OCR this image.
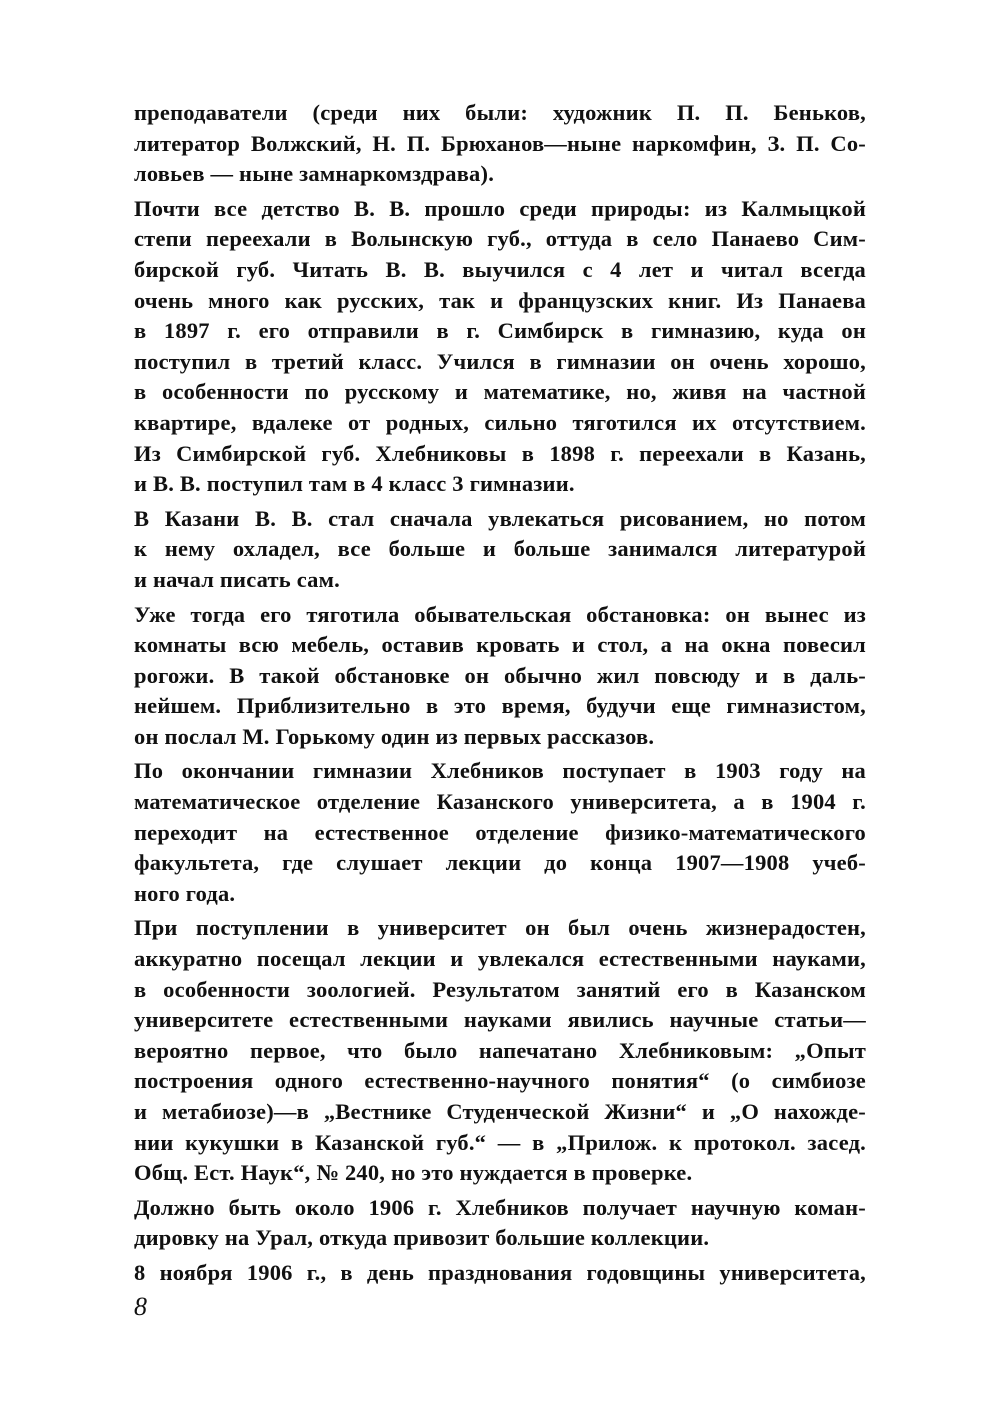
преподаватели (среди них были: художник П. П. Беньков,
литератор Волжский, Н. П. Брюханов—ныне наркомфин, З. П. Со-
ловьев — ныне замнаркомздрава).
Почти все детство В. В. прошло среди природы: из Калмыцкой
степи переехали в Волынскую губ., оттуда в село Панаево Сим-
бирской губ. Читать В. В. выучился с 4 лет и читал всегда
очень много как русских, так и французских книг. Из Панаева
в 1897 г. его отправили в г. Симбирск в гимназию, куда он
поступил в третий класс. Учился в гимназии он очень хорошо,
в особенности по русскому и математике, но, живя на частной
квартире, вдалеке от родных, сильно тяготился их отсутствием.
Из Симбирской губ. Хлебниковы в 1898 г. переехали в Казань,
и В. В. поступил там в 4 класс 3 гимназии.
В Казани В. В. стал сначала увлекаться рисованием, но потом
к нему охладел, все больше и больше занимался литературой
и начал писать сам.
Уже тогда его тяготила обывательская обстановка: он вынес из
комнаты всю мебель, оставив кровать и стол, а на окна повесил
рогожи. В такой обстановке он обычно жил повсюду и в даль-
нейшем. Приблизительно в это время, будучи еще гимназистом,
он послал М. Горькому один из первых рассказов.
По окончании гимназии Хлебников поступает в 1903 году на
математическое отделение Казанского университета, а в 1904 г.
переходит на естественное отделение физико-математического
факультета, где слушает лекции до конца 1907—1908 учеб-
ного года.
При поступлении в университет он был очень жизнерадостен,
аккуратно посещал лекции и увлекался естественными науками,
в особенности зоологией. Результатом занятий его в Казанском
университете естественными науками явились научные статьи—
вероятно первое, что было напечатано Хлебниковым: „Опыт
построения одного естественно-научного понятия“ (о симбиозе
и метабиозе)—в „Вестнике Студенческой Жизни“ и „О нахожде-
нии кукушки в Казанской губ.“ — в „Прилож. к протокол. засед.
Общ. Ест. Наук“, № 240, но это нуждается в проверке.
Должно быть около 1906 г. Хлебников получает научную коман-
дировку на Урал, откуда привозит большие коллекции.
8 ноября 1906 г., в день празднования годовщины университета,
8
